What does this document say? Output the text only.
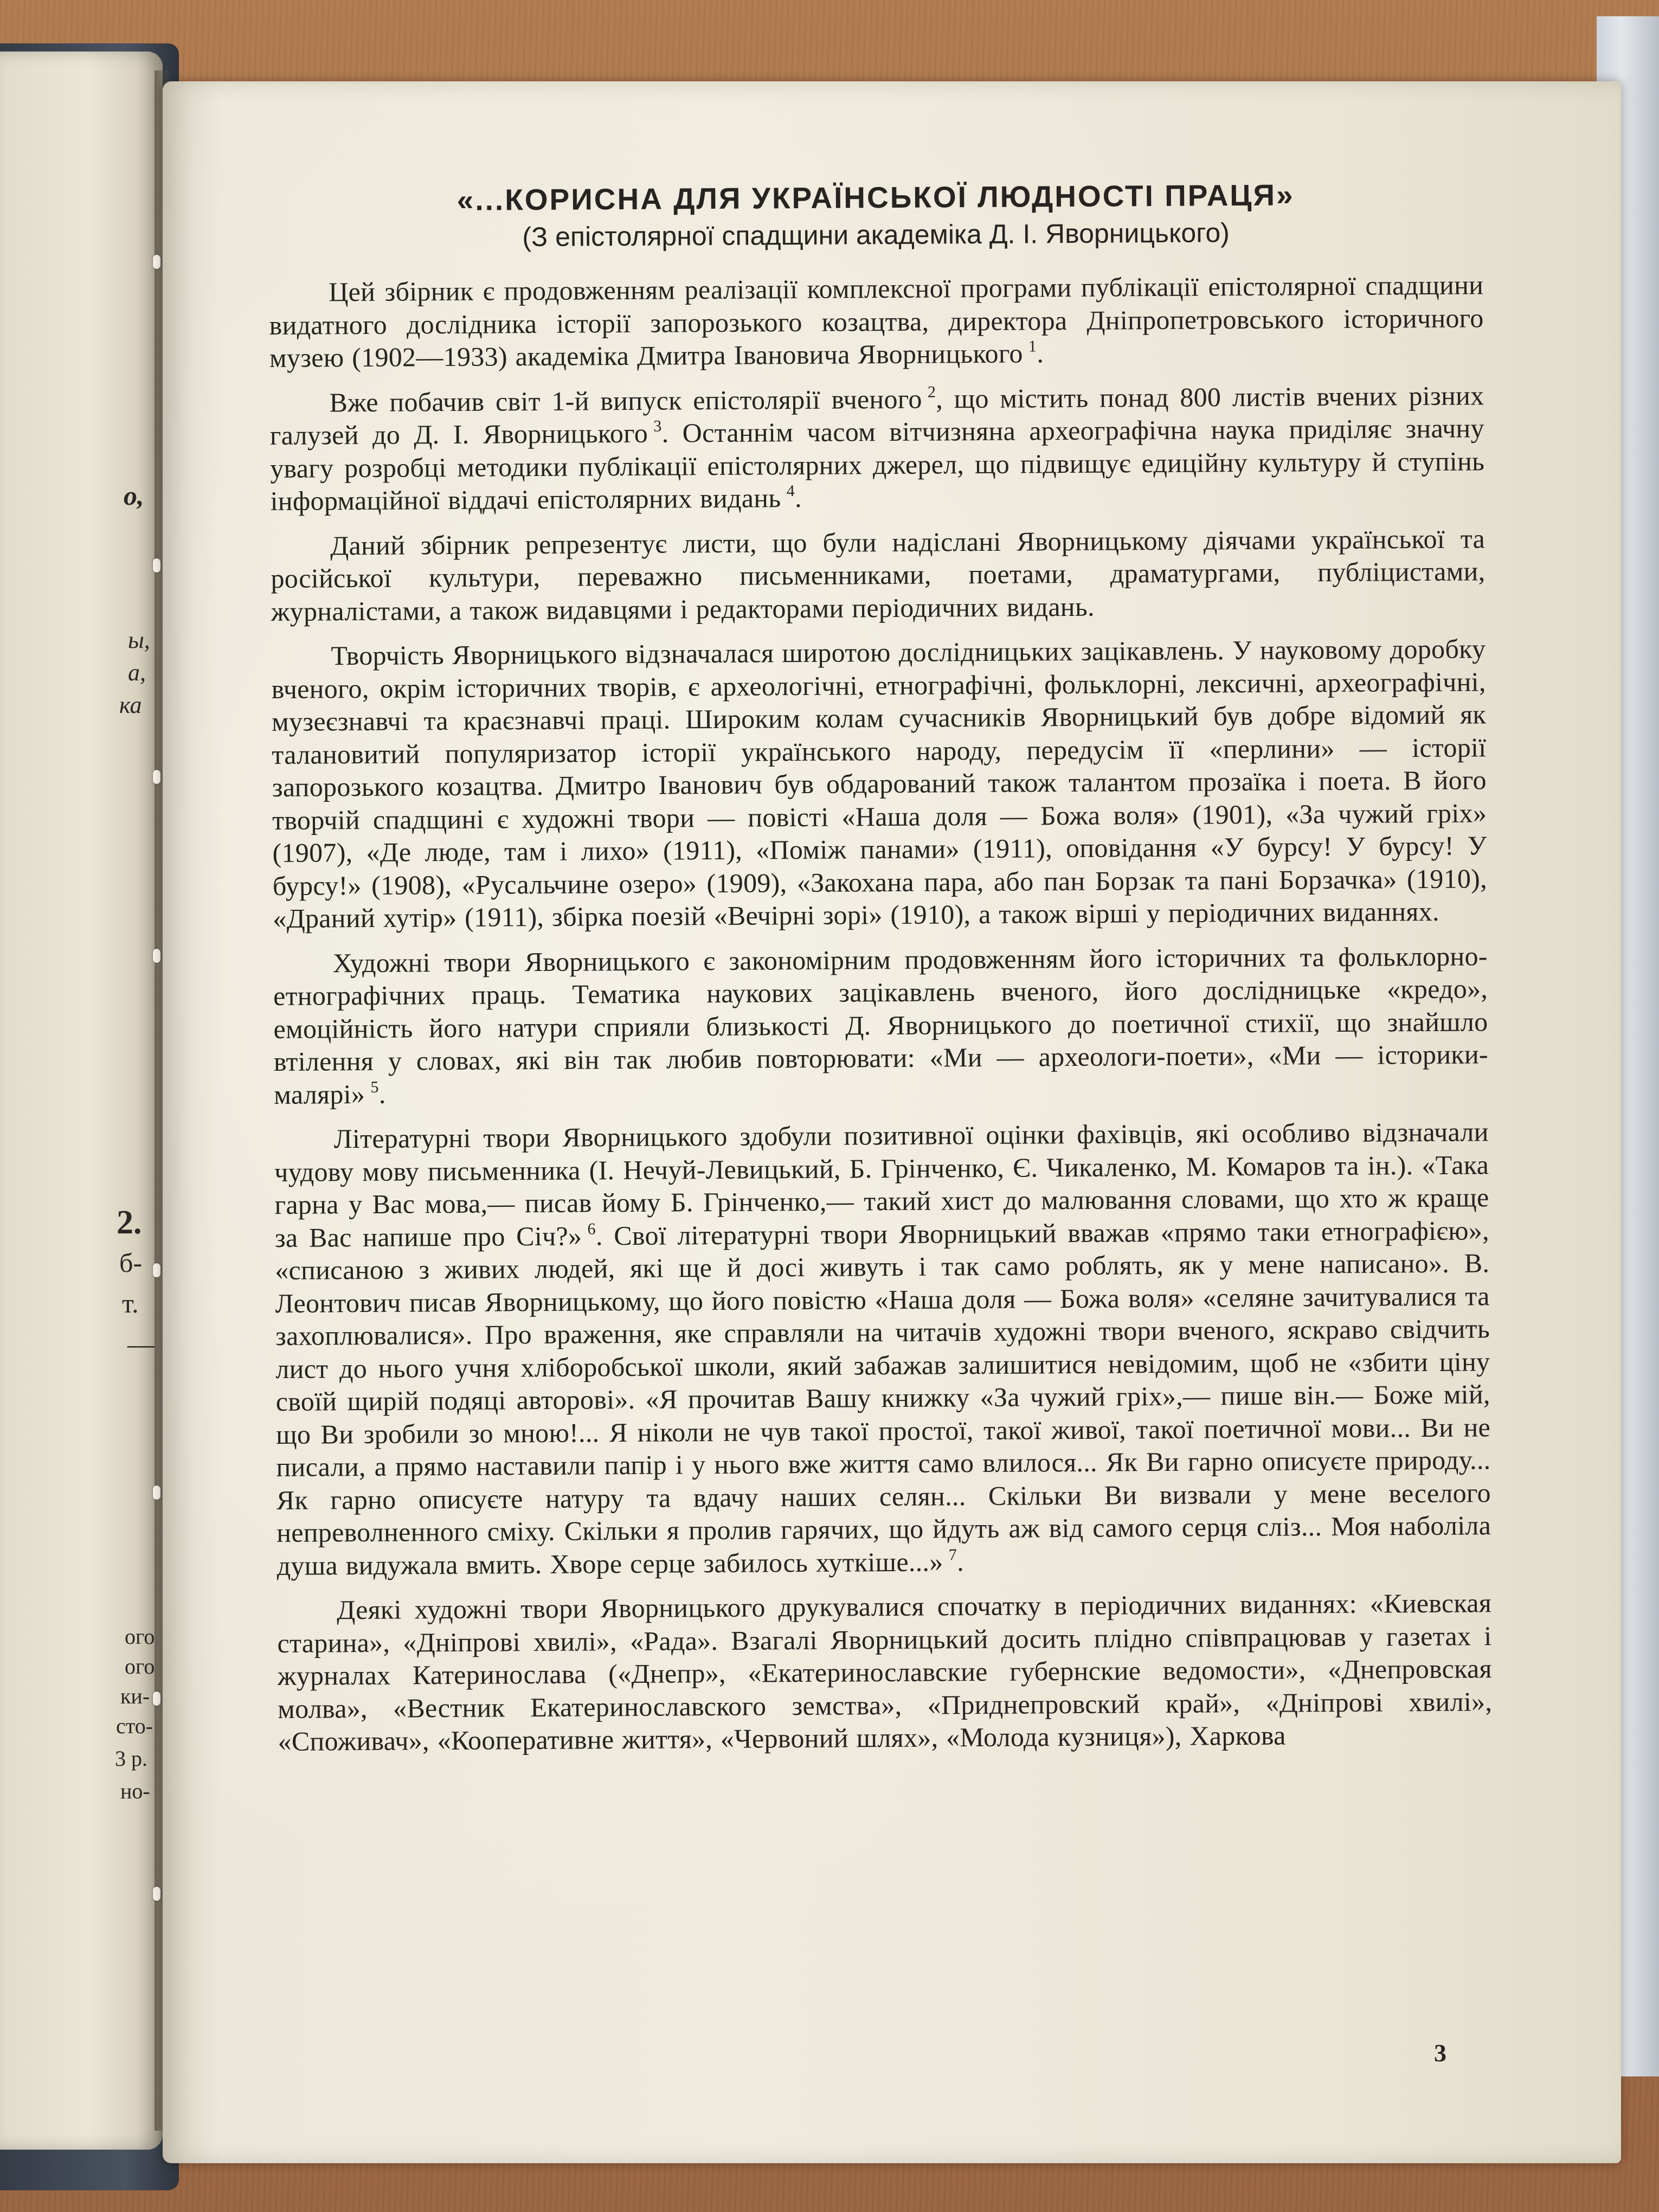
о,
ы,
а,
ка
2.
б-
т.
—
ого
ого
ки-
сто-
3 р.
но-
«...КОРИСНА ДЛЯ УКРАЇНСЬКОЇ ЛЮДНОСТІ ПРАЦЯ»

(З епістолярної спадщини академіка Д. І. Яворницького)

Цей збірник є продовженням реалізації комплексної програми публікації епістолярної спадщини видатного дослідника історії запорозького козацтва, директора Дніпропетровського історичного музею (1902—1933) академіка Дмитра Івановича Яворницького  $^1$.

Вже побачив світ 1-й випуск епістолярії вченого  $^2$, що містить понад 800 листів вчених різних галузей до Д. І. Яворницького  $^3$. Останнім часом вітчизняна археографічна наука приділяє значну увагу розробці методики публікації епістолярних джерел, що підвищує едиційну культуру й ступінь інформаційної віддачі епістолярних видань  $^4$.

Даний збірник репрезентує листи, що були надіслані Яворницькому діячами української та російської культури, переважно письменниками, поетами, драматургами, публіцистами, журналістами, а також видавцями і редакторами періодичних видань.

Творчість Яворницького відзначалася широтою дослідницьких зацікавлень. У науковому доробку вченого, окрім історичних творів, є археологічні, етнографічні, фольклорні, лексичні, археографічні, музеєзнавчі та краєзнавчі праці. Широким колам сучасників Яворницький був добре відомий як талановитий популяризатор історії українського народу, передусім її «перлини» — історії запорозького козацтва. Дмитро Іванович був обдарований також талантом прозаїка і поета. В його творчій спадщині є художні твори — повісті «Наша доля — Божа воля» (1901), «За чужий гріх» (1907), «Де люде, там і лихо» (1911), «Поміж панами» (1911), оповідання «У бурсу! У бурсу! У бурсу!» (1908), «Русальчине озеро» (1909), «Закохана пара, або пан Борзак та пані Борзачка» (1910), «Драний хутір» (1911), збірка поезій «Вечірні зорі» (1910), а також вірші у періодичних виданнях.

Художні твори Яворницького є закономірним продовженням його історичних та фольклорно-етнографічних праць. Тематика наукових зацікавлень вченого, його дослідницьке «кредо», емоційність його натури сприяли близькості Д. Яворницького до поетичної стихії, що знайшло втілення у словах, які він так любив повторювати: «Ми — археологи-поети», «Ми — історики-малярі»  $^5$.

Літературні твори Яворницького здобули позитивної оцінки фахівців, які особливо відзначали чудову мову письменника (І. Нечуй-Левицький, Б. Грінченко, Є. Чикаленко, М. Комаров та ін.). «Така гарна у Вас мова,— писав йому Б. Грінченко,— такий хист до малювання словами, що хто ж краще за Вас напише про Січ?»  $^6$. Свої літературні твори Яворницький вважав «прямо таки етнографією», «списаною з живих людей, які ще й досі живуть і так само роблять, як у мене написано». В. Леонтович писав Яворницькому, що його повістю «Наша доля — Божа воля» «селяне зачитувалися та захоплювалися». Про враження, яке справляли на читачів художні твори вченого, яскраво свідчить лист до нього учня хліборобської школи, який забажав залишитися невідомим, щоб не «збити ціну своїй щирій подяці авторові». «Я прочитав Вашу книжку «За чужий гріх»,— пише він.— Боже мій, що Ви зробили зо мною!... Я ніколи не чув такої простої, такої живої, такої поетичної мови... Ви не писали, а прямо наставили папір і у нього вже життя само влилося... Як Ви гарно описуєте природу... Як гарно описуєте натуру та вдачу наших селян... Скільки Ви визвали у мене веселого непреволненного сміху. Скільки я пролив гарячих, що йдуть аж від самого серця сліз... Моя наболіла душа видужала вмить. Хворе серце забилось хуткіше...»  $^7$.

Деякі художні твори Яворницького друкувалися спочатку в періодичних виданнях: «Киевская старина», «Дніпрові хвилі», «Рада». Взагалі Яворницький досить плідно співпрацював у газетах і журналах Катеринослава («Днепр», «Екатеринославские губернские ведомости», «Днепровская молва», «Вестник Екатеринославского земства», «Приднепровский край», «Дніпрові хвилі», «Споживач», «Кооперативне життя», «Червоний шлях», «Молода кузниця»), Харкова

3
